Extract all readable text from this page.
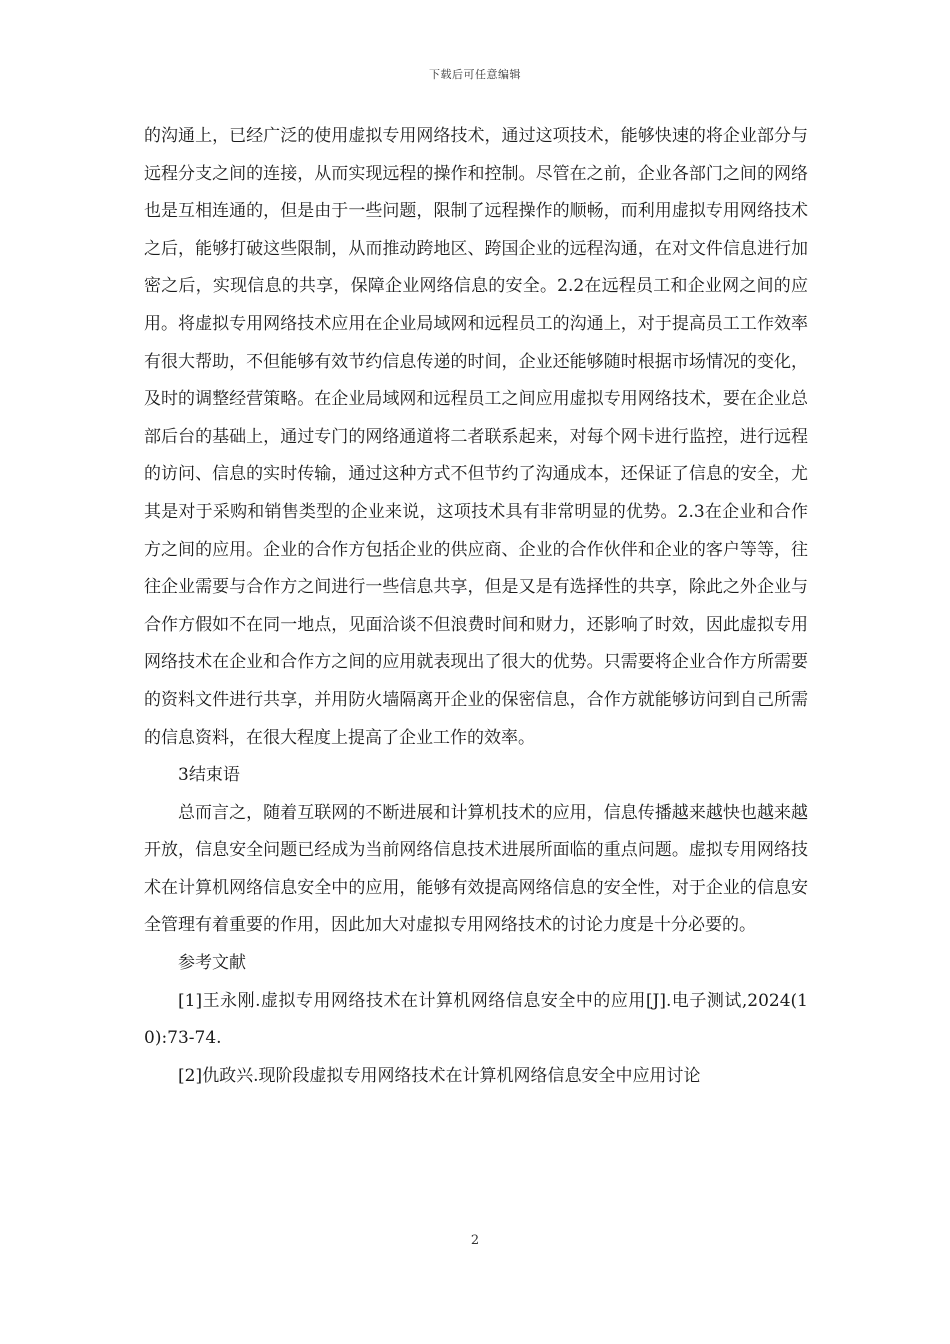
下载后可任意编辑

的沟通上，已经广泛的使用虚拟专用网络技术，通过这项技术，能够快速的将企业部分与远程分支之间的连接，从而实现远程的操作和控制。尽管在之前，企业各部门之间的网络也是互相连通的，但是由于一些问题，限制了远程操作的顺畅，而利用虚拟专用网络技术之后，能够打破这些限制，从而推动跨地区、跨国企业的远程沟通，在对文件信息进行加密之后，实现信息的共享，保障企业网络信息的安全。2.2在远程员工和企业网之间的应用。将虚拟专用网络技术应用在企业局域网和远程员工的沟通上，对于提高员工工作效率有很大帮助，不但能够有效节约信息传递的时间，企业还能够随时根据市场情况的变化，及时的调整经营策略。在企业局域网和远程员工之间应用虚拟专用网络技术，要在企业总部后台的基础上，通过专门的网络通道将二者联系起来，对每个网卡进行监控，进行远程的访问、信息的实时传输，通过这种方式不但节约了沟通成本，还保证了信息的安全，尤其是对于采购和销售类型的企业来说，这项技术具有非常明显的优势。2.3在企业和合作方之间的应用。企业的合作方包括企业的供应商、企业的合作伙伴和企业的客户等等，往往企业需要与合作方之间进行一些信息共享，但是又是有选择性的共享，除此之外企业与合作方假如不在同一地点，见面洽谈不但浪费时间和财力，还影响了时效，因此虚拟专用网络技术在企业和合作方之间的应用就表现出了很大的优势。只需要将企业合作方所需要的资料文件进行共享，并用防火墙隔离开企业的保密信息，合作方就能够访问到自己所需的信息资料，在很大程度上提高了企业工作的效率。

3结束语

总而言之，随着互联网的不断进展和计算机技术的应用，信息传播越来越快也越来越开放，信息安全问题已经成为当前网络信息技术进展所面临的重点问题。虚拟专用网络技术在计算机网络信息安全中的应用，能够有效提高网络信息的安全性，对于企业的信息安全管理有着重要的作用，因此加大对虚拟专用网络技术的讨论力度是十分必要的。

参考文献

[1]王永刚.虚拟专用网络技术在计算机网络信息安全中的应用[J].电子测试,2024(10):73-74.

[2]仇政兴.现阶段虚拟专用网络技术在计算机网络信息安全中应用讨论

2
